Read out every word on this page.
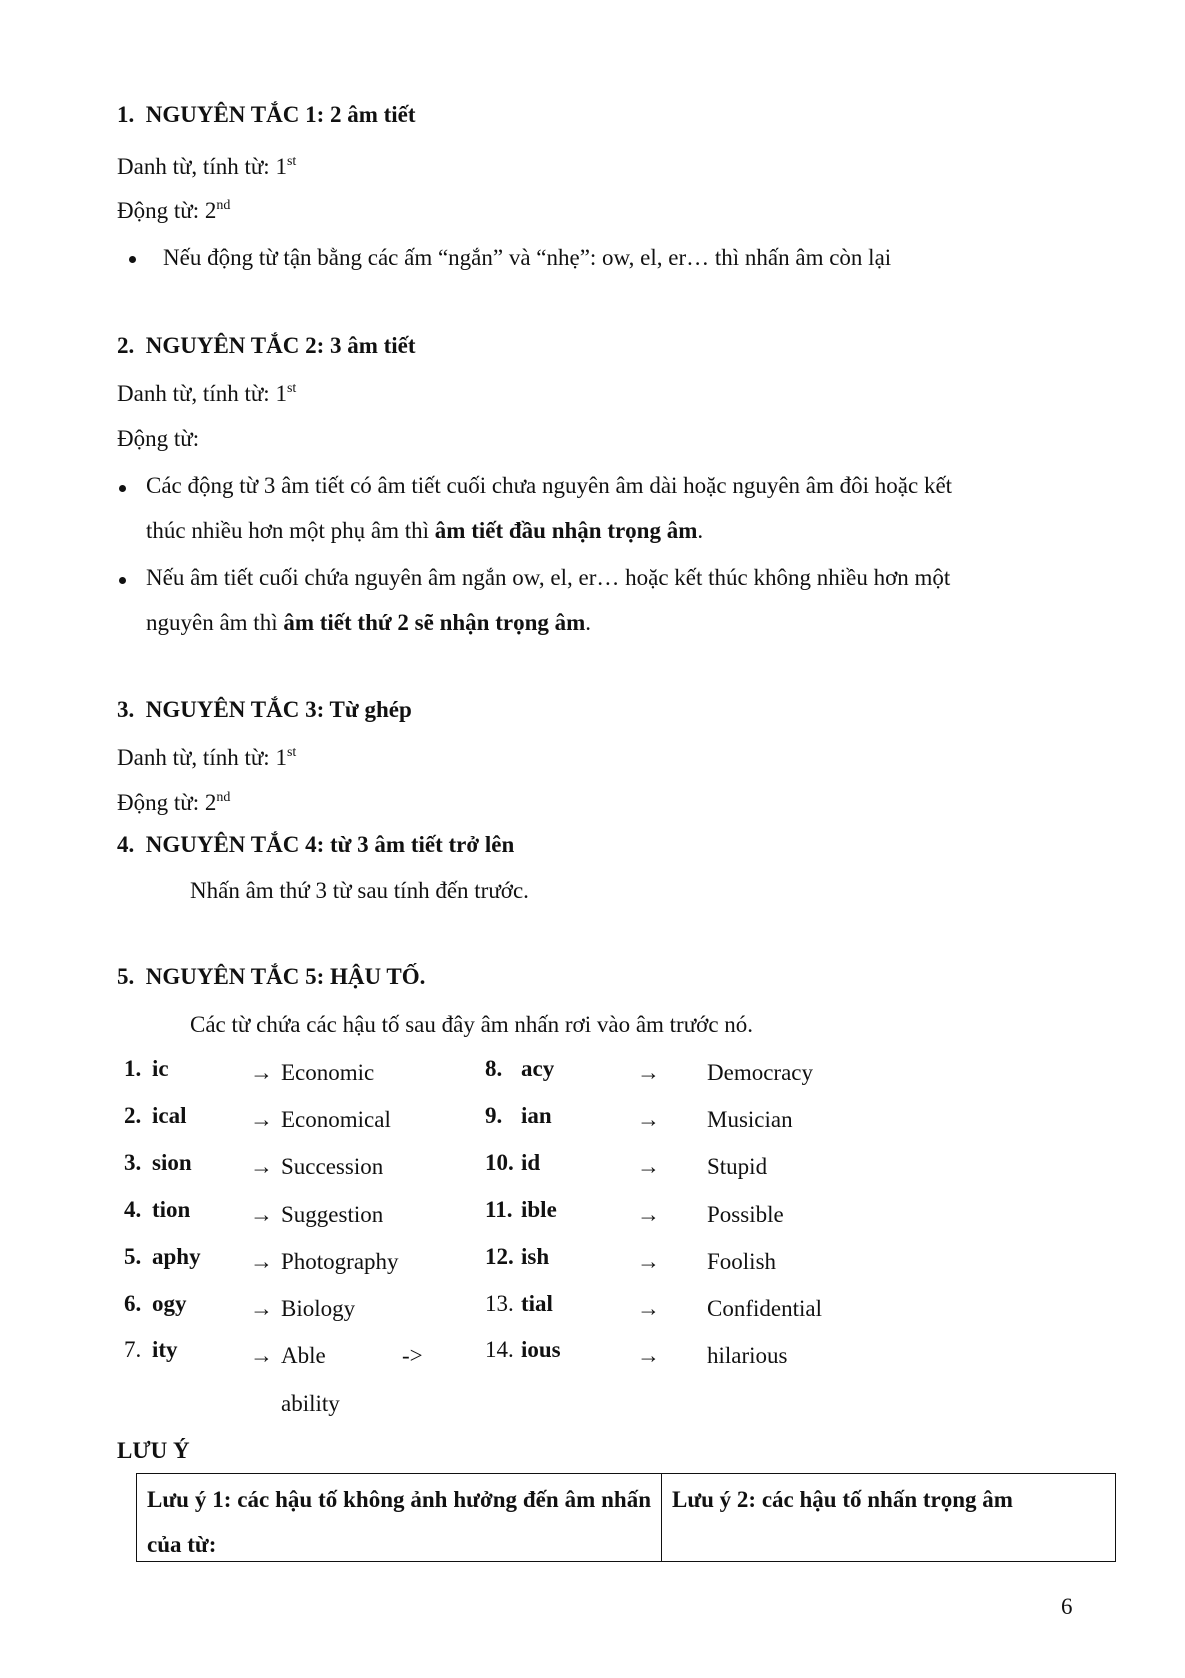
1. NGUYÊN TẮC 1: 2 âm tiết
Danh từ, tính từ: 1st
Động từ: 2nd
Nếu động từ tận bằng các ấm “ngắn” và “nhẹ”: ow, el, er… thì nhấn âm còn lại
2. NGUYÊN TẮC 2: 3 âm tiết
Danh từ, tính từ: 1st
Động từ:
Các động từ 3 âm tiết có âm tiết cuối chưa nguyên âm dài hoặc nguyên âm đôi hoặc kết
thúc nhiều hơn một phụ âm thì âm tiết đầu nhận trọng âm.
Nếu âm tiết cuối chứa nguyên âm ngắn ow, el, er… hoặc kết thúc không nhiều hơn một
nguyên âm thì âm tiết thứ 2 sẽ nhận trọng âm.
3. NGUYÊN TẮC 3: Từ ghép
Danh từ, tính từ: 1st
Động từ: 2nd
4. NGUYÊN TẮC 4: từ 3 âm tiết trở lên
Nhấn âm thứ 3 từ sau tính đến trước.
5. NGUYÊN TẮC 5: HẬU TỐ.
Các từ chứa các hậu tố sau đây âm nhấn rơi vào âm trước nó.
1. ic	→ Economic
2. ical	→ Economical
3. sion	→ Succession
4. tion	→ Suggestion
5. aphy → Photography
6. ogy	→ Biology
7. ity	→ Able	->
ability
8. acy	→ Democracy
9. ian	→ Musician
10. id	→ Stupid
11. ible	→ Possible
12. ish	→ Foolish
13. tial	→ Confidential
14. ious	→ hilarious
LƯU Ý
Lưu ý 1: các hậu tố không ảnh hưởng đến âm nhấn của từ:
Lưu ý 2: các hậu tố nhấn trọng âm
6
